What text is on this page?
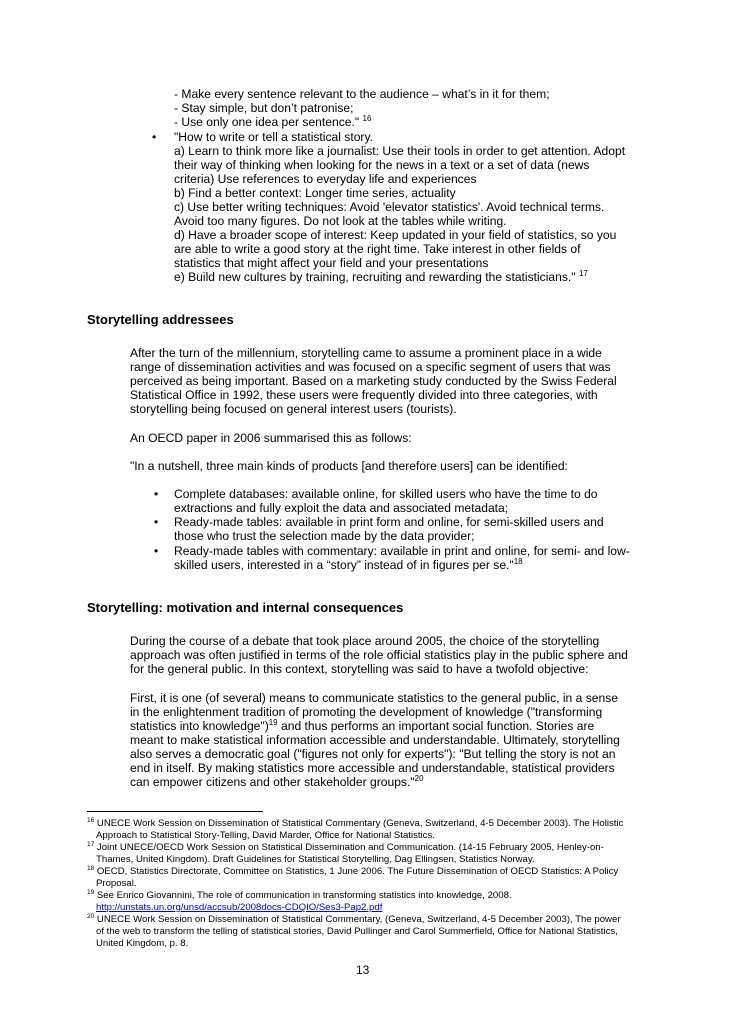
- Make every sentence relevant to the audience – what’s in it for them;
- Stay simple, but don’t patronise;
- Use only one idea per sentence." $^{16}$
• "How to write or tell a statistical story.
a) Learn to think more like a journalist: Use their tools in order to get attention. Adopt
their way of thinking when looking for the news in a text or a set of data (news
criteria) Use references to everyday life and experiences
b) Find a better context: Longer time series, actuality
c) Use better writing techniques: Avoid 'elevator statistics'. Avoid technical terms.
Avoid too many figures. Do not look at the tables while writing.
d) Have a broader scope of interest: Keep updated in your field of statistics, so you
are able to write a good story at the right time. Take interest in other fields of
statistics that might affect your field and your presentations
e) Build new cultures by training, recruiting and rewarding the statisticians." $^{17}$
Storytelling addressees
After the turn of the millennium, storytelling came to assume a prominent place in a wide
range of dissemination activities and was focused on a specific segment of users that was
perceived as being important. Based on a marketing study conducted by the Swiss Federal
Statistical Office in 1992, these users were frequently divided into three categories, with
storytelling being focused on general interest users (tourists).
An OECD paper in 2006 summarised this as follows:
"In a nutshell, three main kinds of products [and therefore users] can be identified:
• Complete databases: available online, for skilled users who have the time to do
extractions and fully exploit the data and associated metadata;
• Ready-made tables: available in print form and online, for semi-skilled users and
those who trust the selection made by the data provider;
• Ready-made tables with commentary: available in print and online, for semi- and low-
skilled users, interested in a “story” instead of in figures per se."$^{18}$
Storytelling: motivation and internal consequences
During the course of a debate that took place around 2005, the choice of the storytelling
approach was often justified in terms of the role official statistics play in the public sphere and
for the general public. In this context, storytelling was said to have a twofold objective:
First, it is one (of several) means to communicate statistics to the general public, in a sense
in the enlightenment tradition of promoting the development of knowledge ("transforming
statistics into knowledge")$^{19}$ and thus performs an important social function. Stories are
meant to make statistical information accessible and understandable. Ultimately, storytelling
also serves a democratic goal ("figures not only for experts"): "But telling the story is not an
end in itself. By making statistics more accessible and understandable, statistical providers
can empower citizens and other stakeholder groups."$^{20}$
$^{16}$ UNECE Work Session on Dissemination of Statistical Commentary (Geneva, Switzerland, 4-5 December 2003). The Holistic
Approach to Statistical Story-Telling, David Marder, Office for National Statistics.
$^{17}$ Joint UNECE/OECD Work Session on Statistical Dissemination and Communication. (14-15 February 2005, Henley-on-
Thames, United Kingdom). Draft Guidelines for Statistical Storytelling, Dag Ellingsen, Statistics Norway.
$^{18}$ OECD, Statistics Directorate, Committee on Statistics, 1 June 2006. The Future Dissemination of OECD Statistics: A Policy
Proposal.
$^{19}$ See Enrico Giovannini, The role of communication in transforming statistics into knowledge, 2008.
http://unstats.un.org/unsd/accsub/2008docs-CDQIO/Ses3-Pap2.pdf
$^{20}$ UNECE Work Session on Dissemination of Statistical Commentary, (Geneva, Switzerland, 4-5 December 2003), The power
of the web to transform the telling of statistical stories, David Pullinger and Carol Summerfield, Office for National Statistics,
United Kingdom, p. 8.
13
